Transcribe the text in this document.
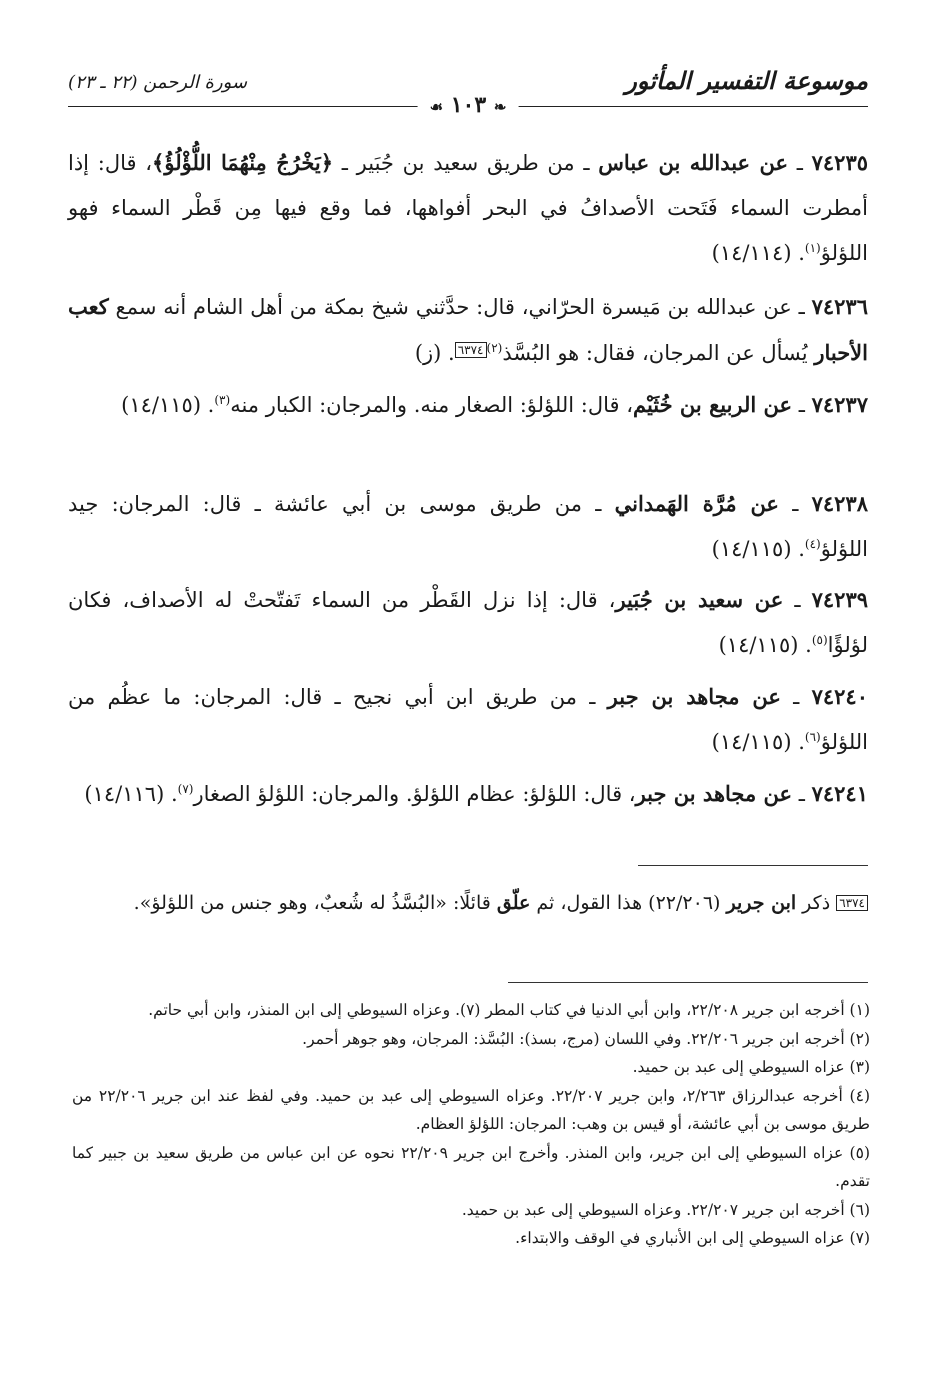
موسوعة التفسير المأثور
سورة الرحمن (٢٢ ـ ٢٣)
❧ ١٠٣ ☙
٧٤٢٣٥ ـ عن عبدالله بن عباس ـ من طريق سعيد بن جُبَير ـ ﴿يَخْرُجُ مِنْهُمَا اللُّؤْلُؤُ﴾، قال: إذا أمطرت السماء فَتَحت الأصدافُ في البحر أفواهها، فما وقع فيها مِن قَطْر السماء فهو اللؤلؤ$^{(١)}$. (١٤/١١٤)
٧٤٢٣٦ ـ عن عبدالله بن مَيسرة الحرّاني، قال: حدَّثني شيخ بمكة من أهل الشام أنه سمع كعب الأحبار يُسأل عن المرجان، فقال: هو البُسَّذ$^{(٢)}$٦٣٧٤. (ز)
٧٤٢٣٧ ـ عن الربيع بن خُثَيْم، قال: اللؤلؤ: الصغار منه. والمرجان: الكبار منه$^{(٣)}$. (١٤/١١٥)
٧٤٢٣٨ ـ عن مُرَّة الهَمداني ـ من طريق موسى بن أبي عائشة ـ قال: المرجان: جيد اللؤلؤ$^{(٤)}$. (١٤/١١٥)
٧٤٢٣٩ ـ عن سعيد بن جُبَير، قال: إذا نزل القَطْر من السماء تَفتّحتْ له الأصداف، فكان لؤلؤًا$^{(٥)}$. (١٤/١١٥)
٧٤٢٤٠ ـ عن مجاهد بن جبر ـ من طريق ابن أبي نجيح ـ قال: المرجان: ما عظُم من اللؤلؤ$^{(٦)}$. (١٤/١١٥)
٧٤٢٤١ ـ عن مجاهد بن جبر، قال: اللؤلؤ: عظام اللؤلؤ. والمرجان: اللؤلؤ الصغار$^{(٧)}$. (١٤/١١٦)
٦٣٧٤ ذكر ابن جرير (٢٢/٢٠٦) هذا القول، ثم علّق قائلًا: «البُسَّذُ له شُعبٌ، وهو جنس من اللؤلؤ».
(١) أخرجه ابن جرير ٢٢/٢٠٨، وابن أبي الدنيا في كتاب المطر (٧). وعزاه السيوطي إلى ابن المنذر، وابن أبي حاتم.
(٢) أخرجه ابن جرير ٢٢/٢٠٦. وفي اللسان (مرج، بسذ): البُسَّذ: المرجان، وهو جوهر أحمر.
(٣) عزاه السيوطي إلى عبد بن حميد.
(٤) أخرجه عبدالرزاق ٢/٢٦٣، وابن جرير ٢٢/٢٠٧. وعزاه السيوطي إلى عبد بن حميد. وفي لفظ عند ابن جرير ٢٢/٢٠٦ من طريق موسى بن أبي عائشة، أو قيس بن وهب: المرجان: اللؤلؤ العظام.
(٥) عزاه السيوطي إلى ابن جرير، وابن المنذر. وأخرج ابن جرير ٢٢/٢٠٩ نحوه عن ابن عباس من طريق سعيد بن جبير كما تقدم.
(٦) أخرجه ابن جرير ٢٢/٢٠٧. وعزاه السيوطي إلى عبد بن حميد.
(٧) عزاه السيوطي إلى ابن الأنباري في الوقف والابتداء.
